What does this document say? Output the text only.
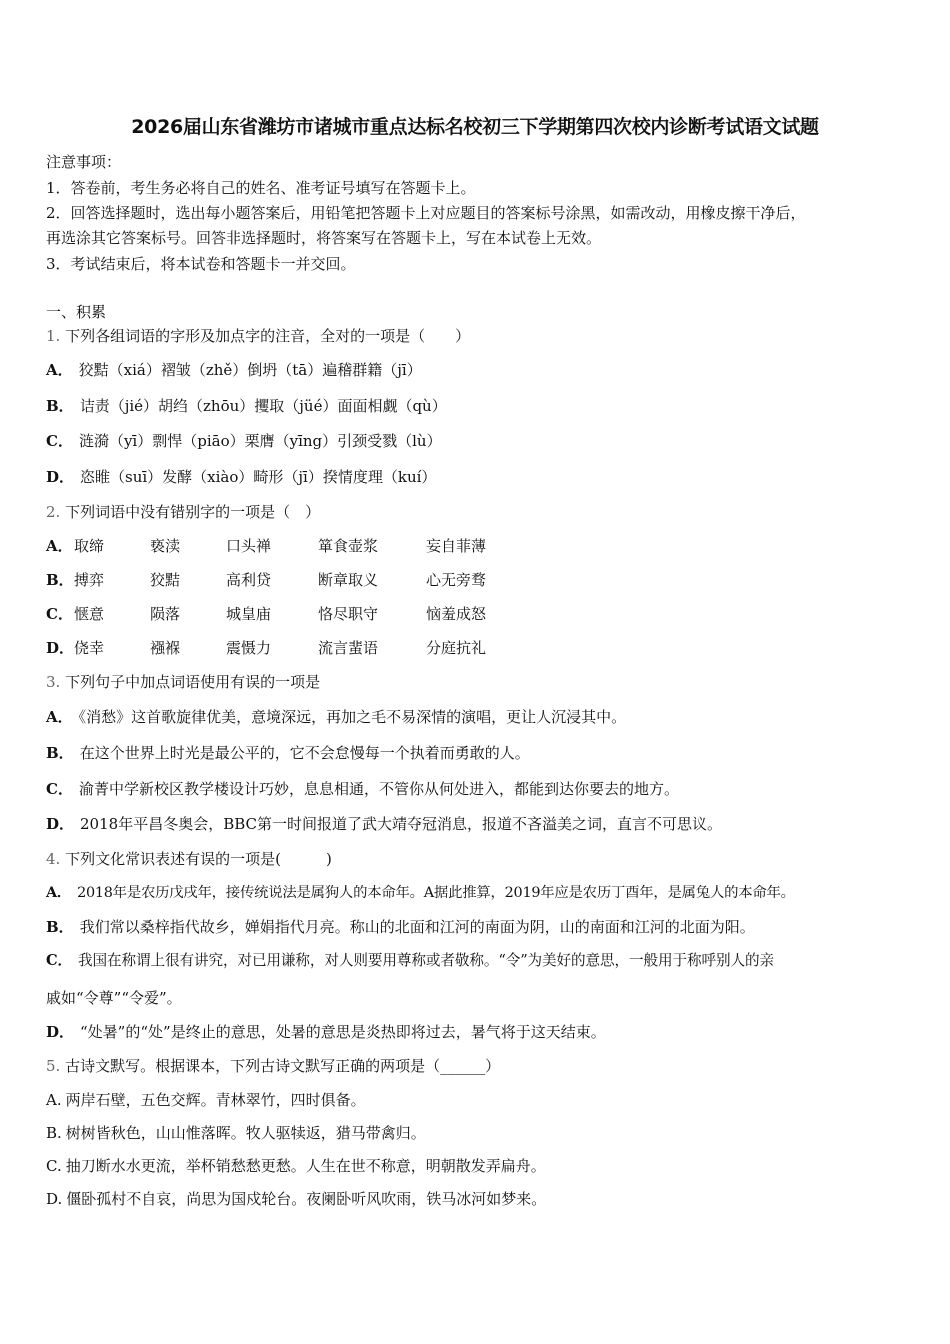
2026届山东省潍坊市诸城市重点达标名校初三下学期第四次校内诊断考试语文试题
注意事项：
1．答卷前，考生务必将自己的姓名、准考证号填写在答题卡上。
2．回答选择题时，选出每小题答案后，用铅笔把答题卡上对应题目的答案标号涂黑，如需改动，用橡皮擦干净后，
再选涂其它答案标号。回答非选择题时，将答案写在答题卡上，写在本试卷上无效。
3．考试结束后，将本试卷和答题卡一并交回。
一、积累
1. 下列各组词语的字形及加点字的注音，全对的一项是（　　）
A． 狡黠（xiá）褶皱（zhě）倒坍（tā）遍稽群籍（jī）
B． 诘责（jié）胡绉（zhōu）攫取（jüé）面面相觑（qù）
C． 涟漪（yī）剽悍（piāo）栗膺（yīng）引颈受戮（lù）
D． 恣睢（suī）发酵（xiào）畸形（jī）揆情度理（kuí）
2. 下列词语中没有错别字的一项是（　）
A． 取缔	亵渎	口头禅	箪食壶浆	妄自菲薄
B． 搏弈	狡黠	高利贷	断章取义	心无旁骛
C． 惬意	陨落	城皇庙	恪尽职守	恼羞成怒
D． 侥幸	襁褓	震慑力	流言蜚语	分庭抗礼
3. 下列句子中加点词语使用有误的一项是
A． 《消愁》这首歌旋律优美，意境深远，再加之毛不易深情的演唱，更让人沉浸其中。
B． 在这个世界上时光是最公平的，它不会怠慢每一个执着而勇敢的人。
C． 渝菁中学新校区教学楼设计巧妙，息息相通，不管你从何处进入，都能到达你要去的地方。
D． 2018年平昌冬奥会，BBC第一时间报道了武大靖夺冠消息，报道不吝溢美之词，直言不可思议。
4. 下列文化常识表述有误的一项是(　　　)
A． 2018年是农历戊戌年，接传统说法是属狗人的本命年。A据此推算，2019年应是农历丁酉年，是属兔人的本命年。
B． 我们常以桑梓指代故乡，婵娟指代月亮。称山的北面和江河的南面为阴，山的南面和江河的北面为阳。
C． 我国在称谓上很有讲究，对已用谦称，对人则要用尊称或者敬称。“令”为美好的意思，一般用于称呼别人的亲
戚如“令尊”“令爱”。
D． “处暑”的“处”是终止的意思，处暑的意思是炎热即将过去，暑气将于这天结束。
5. 古诗文默写。根据课本，下列古诗文默写正确的两项是（______）
A. 两岸石壁，五色交辉。青林翠竹，四时俱备。
B. 树树皆秋色，山山惟落晖。牧人驱犊返，猎马带禽归。
C. 抽刀断水水更流，举杯销愁愁更愁。人生在世不称意，明朝散发弄扁舟。
D. 僵卧孤村不自哀，尚思为国戍轮台。夜阑卧听风吹雨，铁马冰河如梦来。
